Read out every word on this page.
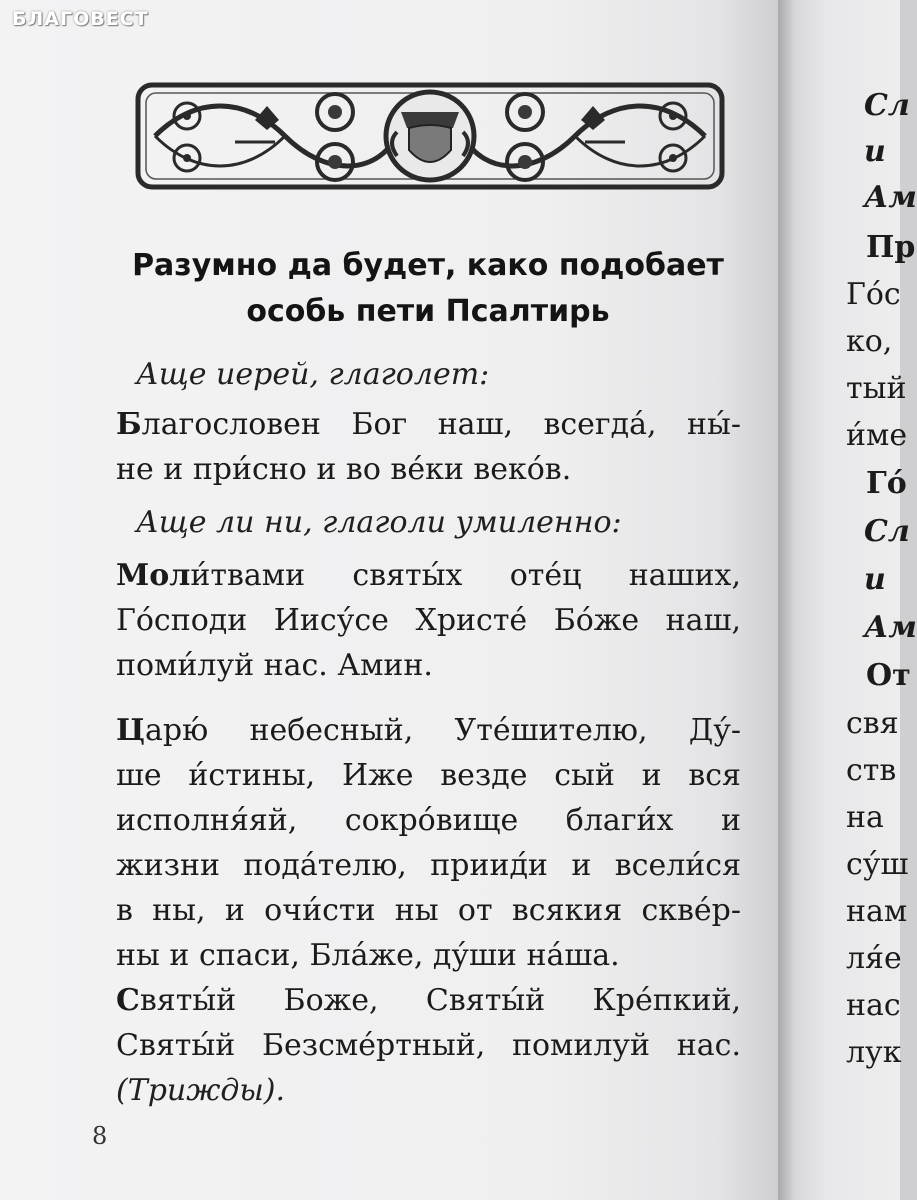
Разумно да будет, како подобает
особь пети Псалтирь
Аще иерей, глаголет:
Благословен Бог наш, всегда́, ны́-
не и при́сно и во ве́ки веко́в.
Аще ли ни, глаголи умиленно:
Моли́твами святы́х оте́ц наших,
Го́споди Иису́се Христе́ Бо́же наш,
поми́луй нас. Амин.
Царю́ небесный, Уте́шителю, Ду́-
ше и́стины, Иже везде сый и вся
исполня́яй, сокро́вище благи́х и
жизни пода́телю, приид́и и всели́ся
в ны, и очи́сти ны от всякия скве́р-
ны и спаси, Бла́же, ду́ши на́ша.
Святы́й Боже, Святы́й Кре́пкий,
Святы́й Безсме́ртный, помилуй нас.
(Трижды).
8
Сл
и
Ам
Пр
Го́с
ко,
тый
и́ме
Го́
Сл
и
Ам
От
свя
ств
на
су́ш
нам
ля́е
нас
лук
БЛАГОВЕСТ
